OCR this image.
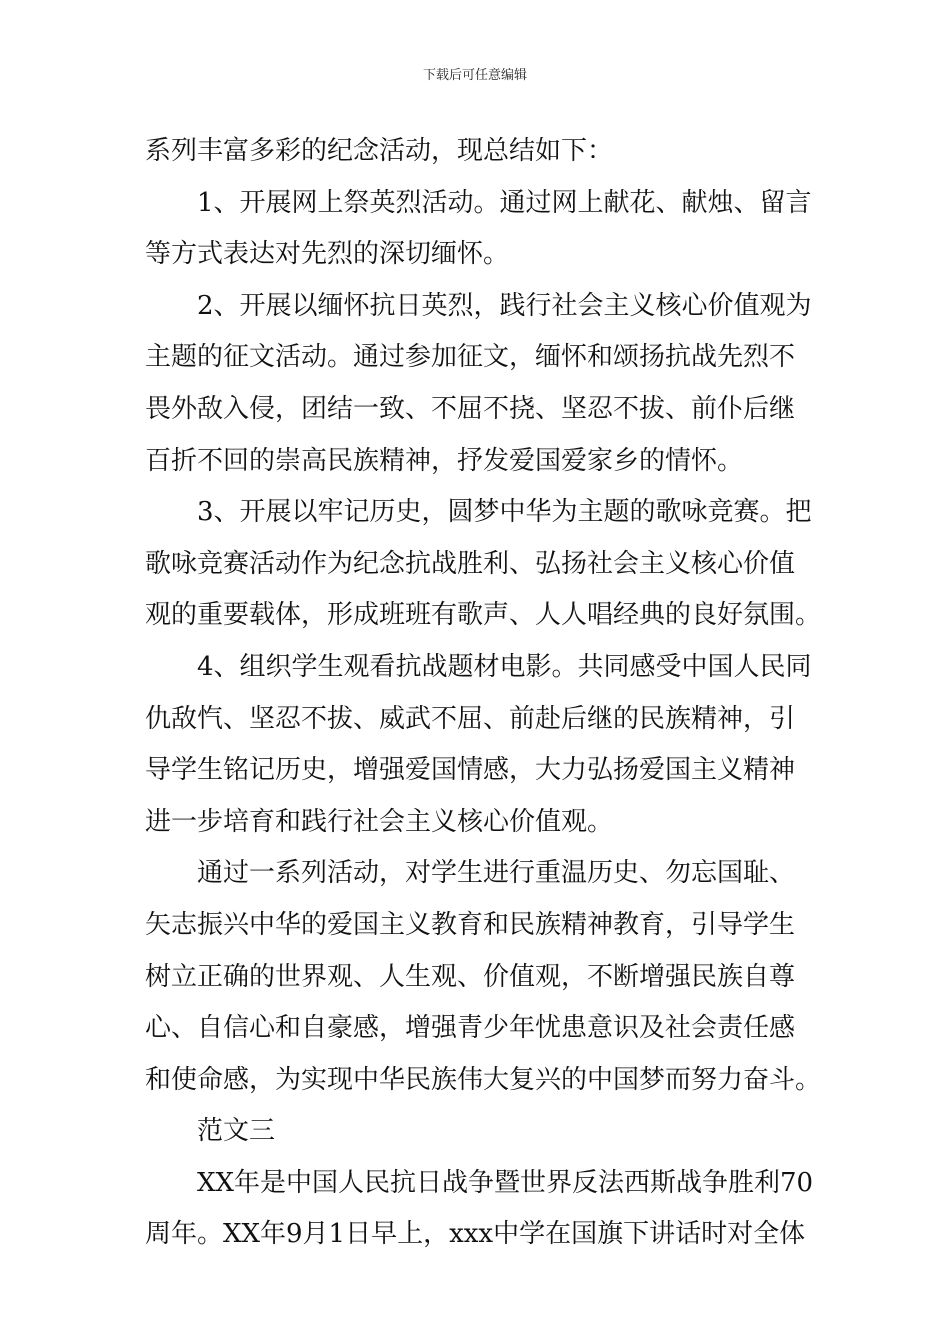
下载后可任意编辑
系列丰富多彩的纪念活动，现总结如下：
1、开展网上祭英烈活动。通过网上献花、献烛、留言
等方式表达对先烈的深切缅怀。
2、开展以缅怀抗日英烈，践行社会主义核心价值观为
主题的征文活动。通过参加征文，缅怀和颂扬抗战先烈不
畏外敌入侵，团结一致、不屈不挠、坚忍不拔、前仆后继
百折不回的崇高民族精神，抒发爱国爱家乡的情怀。
3、开展以牢记历史，圆梦中华为主题的歌咏竞赛。把
歌咏竞赛活动作为纪念抗战胜利、弘扬社会主义核心价值
观的重要载体，形成班班有歌声、人人唱经典的良好氛围。
4、组织学生观看抗战题材电影。共同感受中国人民同
仇敌忾、坚忍不拔、威武不屈、前赴后继的民族精神，引
导学生铭记历史，增强爱国情感，大力弘扬爱国主义精神
进一步培育和践行社会主义核心价值观。
通过一系列活动，对学生进行重温历史、勿忘国耻、
矢志振兴中华的爱国主义教育和民族精神教育，引导学生
树立正确的世界观、人生观、价值观，不断增强民族自尊
心、自信心和自豪感，增强青少年忧患意识及社会责任感
和使命感，为实现中华民族伟大复兴的中国梦而努力奋斗。
范文三
XX年是中国人民抗日战争暨世界反法西斯战争胜利70
周年。XX年9月1日早上，xxx中学在国旗下讲话时对全体
